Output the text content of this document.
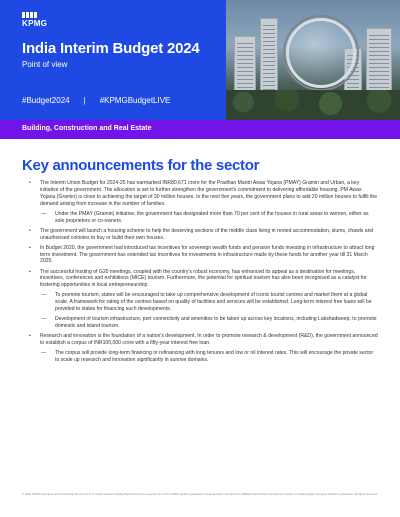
KPMG
India Interim Budget 2024
Point of view
#Budget2024 | #KPMGBudgetLIVE
Building, Construction and Real Estate
Key announcements for the sector
• The Interim Union Budget for 2024-25 has earmarked INR80,671 crore for the Pradhan Mantri Awas Yojana (PMAY) Gramin and Urban, a key initiative of the government. The allocation is set to further strengthen the government's commitment to delivering affordable housing. PM Awas Yojana (Gramin) is close to achieving the target of 30 million houses. In the next five years, the government plans to add 20 million houses to fulfill the demand arising from increase in the number of families.
— Under the PMAY (Gramin) initiative, the government has designated more than 70 per cent of the houses in rural areas to women, either as sole proprietors or co-owners.
• The government will launch a housing scheme to help the deserving sections of the middle class living in rented accommodation, slums, chawls and unauthorised colonies to buy or build their own houses.
• In Budget 2020, the government had introduced tax incentives for sovereign wealth funds and pension funds investing in infrastructure to attract long term investment. The government has extended tax incentives for investments in infrastructure made by these funds for another year till 31 March 2025.
• The successful hosting of G20 meetings, coupled with the country's robust economy, has enhanced its appeal as a destination for meetings, incentives, conferences and exhibitions (MICE) tourism. Furthermore, the potential for spiritual tourism has also been recognised as a catalyst for fostering opportunities in local entrepreneurship.
— To promote tourism, states will be encouraged to take up comprehensive development of iconic tourist centres and market them at a global scale. A framework for rating of the centres based on quality of facilities and services will be established. Long-term interest free loans will be provided to states for financing such developments.
— Development of tourism infrastructure, port connectivity and amenities to be taken up across key locations, including Lakshadweep, to promote domestic and island tourism.
• Research and innovation is the foundation of a nation's development. In order to promote research & development (R&D), the government announced to establish a corpus of INR100,000 crore with a fifty-year interest free loan.
— The corpus will provide long-term financing or refinancing with long tenures and low or nil interest rates. This will encourage the private sector to scale up research and innovation significantly in sunrise domains.
© 2024 KPMG Assurance and Consulting Services LLP, an Indian Limited Liability Partnership and a member firm of the KPMG global organization of independent member firms affiliated with KPMG International Limited, a private English company limited by guarantee. All rights reserved.
